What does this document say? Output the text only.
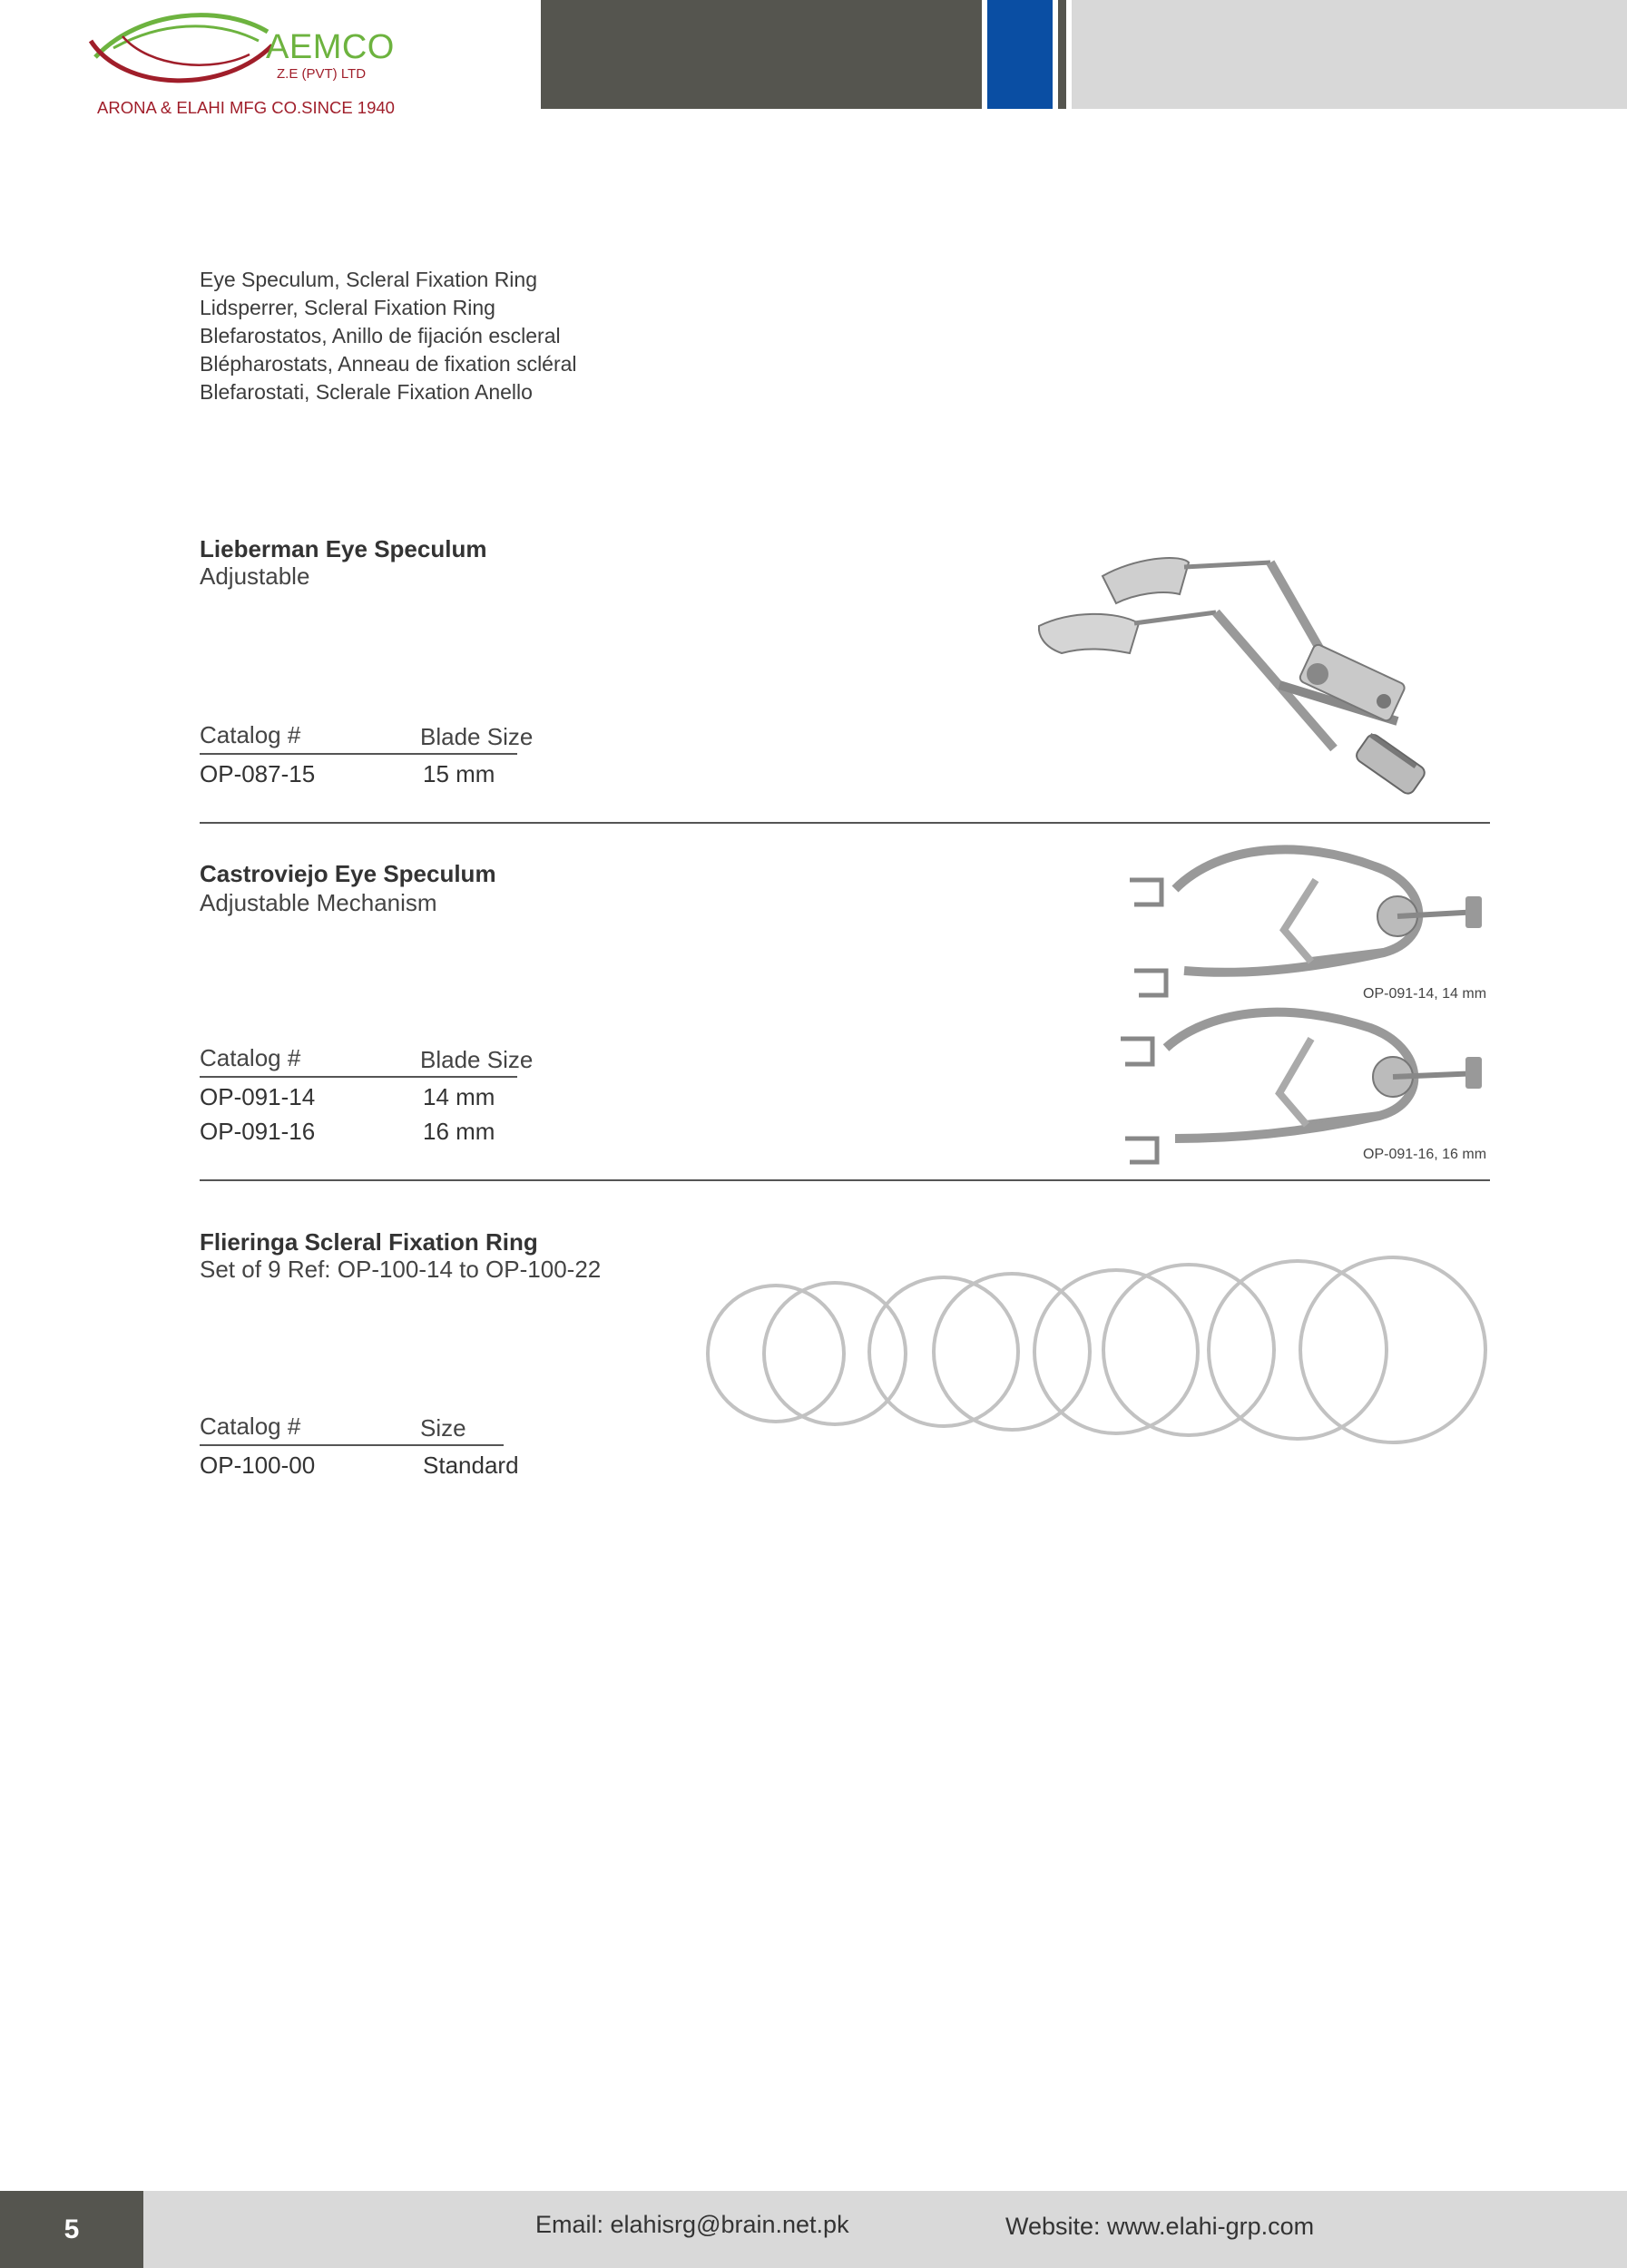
AEMCO
Z.E (PVT) LTD
ARONA & ELAHI MFG CO.SINCE 1940
Eye Speculum, Scleral Fixation Ring
Lidsperrer, Scleral Fixation Ring
Blefarostatos, Anillo de fijación escleral
Blépharostats, Anneau de fixation scléral
Blefarostati, Sclerale Fixation Anello
Lieberman Eye Speculum
Adjustable
Catalog #	Blade Size
OP-087-15	15 mm
Castroviejo Eye Speculum
Adjustable Mechanism
Catalog #	Blade Size
OP-091-14	14 mm
OP-091-16	16 mm
OP-091-14, 14 mm
OP-091-16, 16 mm
Flieringa Scleral Fixation Ring
Set of 9 Ref: OP-100-14 to OP-100-22
Catalog #	Size
OP-100-00	Standard
5	Email: elahisrg@brain.net.pk	Website: www.elahi-grp.com
